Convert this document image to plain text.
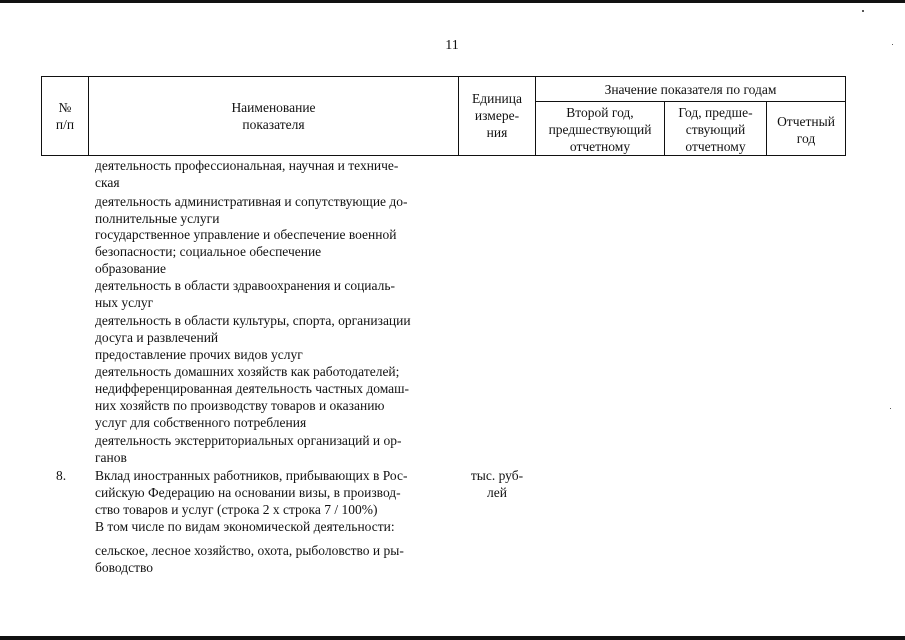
11
№
п/п
Наименование
показателя
Единица
измере-
ния
Значение показателя по годам
Второй год,
предшествующий
отчетному
Год, предше-
ствующий
отчетному
Отчетный
год
деятельность профессиональная, научная и техниче-
ская
деятельность административная и сопутствующие до-
полнительные услуги
государственное управление и обеспечение военной
безопасности; социальное обеспечение
образование
деятельность в области здравоохранения и социаль-
ных услуг
деятельность в области культуры, спорта, организации
досуга и развлечений
предоставление прочих видов услуг
деятельность домашних хозяйств как работодателей;
недифференцированная деятельность частных домаш-
них хозяйств по производству товаров и оказанию
услуг для собственного потребления
деятельность экстерриториальных организаций и ор-
ганов
8. Вклад иностранных работников, прибывающих в Рос-
сийскую Федерацию на основании визы, в производ-
ство товаров и услуг (строка 2 х строка 7 / 100%)
тыс. руб-
лей
В том числе по видам экономической деятельности:
сельское, лесное хозяйство, охота, рыболовство и ры-
боводство
